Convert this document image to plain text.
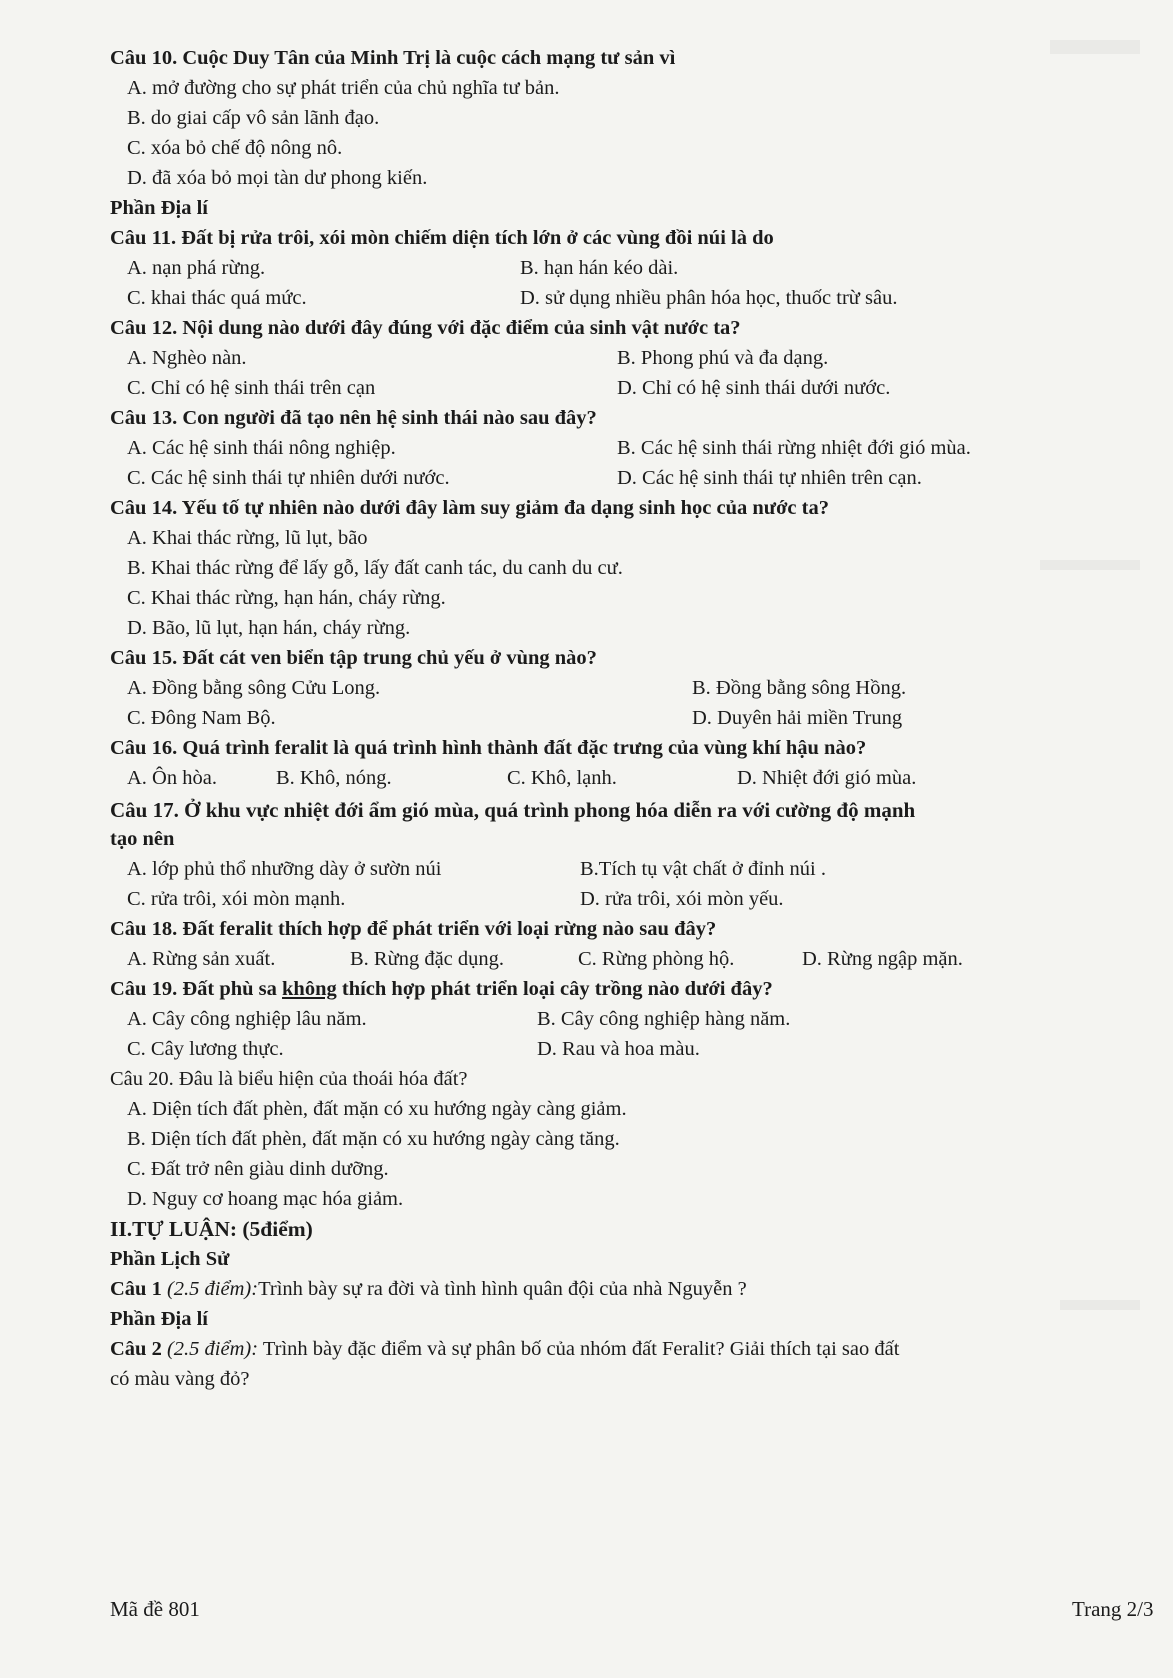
Câu 10. Cuộc Duy Tân của Minh Trị là cuộc cách mạng tư sản vì
A. mở đường cho sự phát triển của chủ nghĩa tư bản.
B. do giai cấp vô sản lãnh đạo.
C. xóa bỏ chế độ nông nô.
D. đã xóa bỏ mọi tàn dư phong kiến.
Phần Địa lí
Câu 11. Đất bị rửa trôi, xói mòn chiếm diện tích lớn ở các vùng đồi núi là do
A. nạn phá rừng.	B. hạn hán kéo dài.
C. khai thác quá mức.	D. sử dụng nhiều phân hóa học, thuốc trừ sâu.
Câu 12. Nội dung nào dưới đây đúng với đặc điểm của sinh vật nước ta?
A. Nghèo nàn.	B. Phong phú và đa dạng.
C. Chỉ có hệ sinh thái trên cạn	D. Chỉ có hệ sinh thái dưới nước.
Câu 13. Con người đã tạo nên hệ sinh thái nào sau đây?
A. Các hệ sinh thái nông nghiệp.	B. Các hệ sinh thái rừng nhiệt đới gió mùa.
C. Các hệ sinh thái tự nhiên dưới nước.	D. Các hệ sinh thái tự nhiên trên cạn.
Câu 14. Yếu tố tự nhiên nào dưới đây làm suy giảm đa dạng sinh học của nước ta?
A. Khai thác rừng, lũ lụt, bão
B. Khai thác rừng để lấy gỗ, lấy đất canh tác, du canh du cư.
C. Khai thác rừng, hạn hán, cháy rừng.
D. Bão, lũ lụt, hạn hán, cháy rừng.
Câu 15. Đất cát ven biển tập trung chủ yếu ở vùng nào?
A. Đồng bằng sông Cửu Long.	B. Đồng bằng sông Hồng.
C. Đông Nam Bộ.	D. Duyên hải miền Trung
Câu 16. Quá trình feralit là quá trình hình thành đất đặc trưng của vùng khí hậu nào?
A. Ôn hòa.	B. Khô, nóng.	C. Khô, lạnh.	D. Nhiệt đới gió mùa.
Câu 17. Ở khu vực nhiệt đới ẩm gió mùa, quá trình phong hóa diễn ra với cường độ mạnh
tạo nên
A. lớp phủ thổ nhưỡng dày ở sườn núi	B.Tích tụ vật chất ở đỉnh núi .
C. rửa trôi, xói mòn mạnh.	D. rửa trôi, xói mòn yếu.
Câu 18. Đất feralit thích hợp để phát triển với loại rừng nào sau đây?
A. Rừng sản xuất.	B. Rừng đặc dụng.	C. Rừng phòng hộ.	D. Rừng ngập mặn.
Câu 19. Đất phù sa không thích hợp phát triển loại cây trồng nào dưới đây?
A. Cây công nghiệp lâu năm.	B. Cây công nghiệp hàng năm.
C. Cây lương thực.	D. Rau và hoa màu.
Câu 20. Đâu là biểu hiện của thoái hóa đất?
A. Diện tích đất phèn, đất mặn có xu hướng ngày càng giảm.
B. Diện tích đất phèn, đất mặn có xu hướng ngày càng tăng.
C. Đất trở nên giàu dinh dưỡng.
D. Nguy cơ hoang mạc hóa giảm.
II.TỰ LUẬN: (5điểm)
Phần Lịch Sử
Câu 1 (2.5 điểm):Trình bày sự ra đời và tình hình quân đội của nhà Nguyễn ?
Phần Địa lí
Câu 2 (2.5 điểm): Trình bày đặc điểm và sự phân bố của nhóm đất Feralit? Giải thích tại sao đất
có màu vàng đỏ?
Mã đề 801	Trang 2/3
